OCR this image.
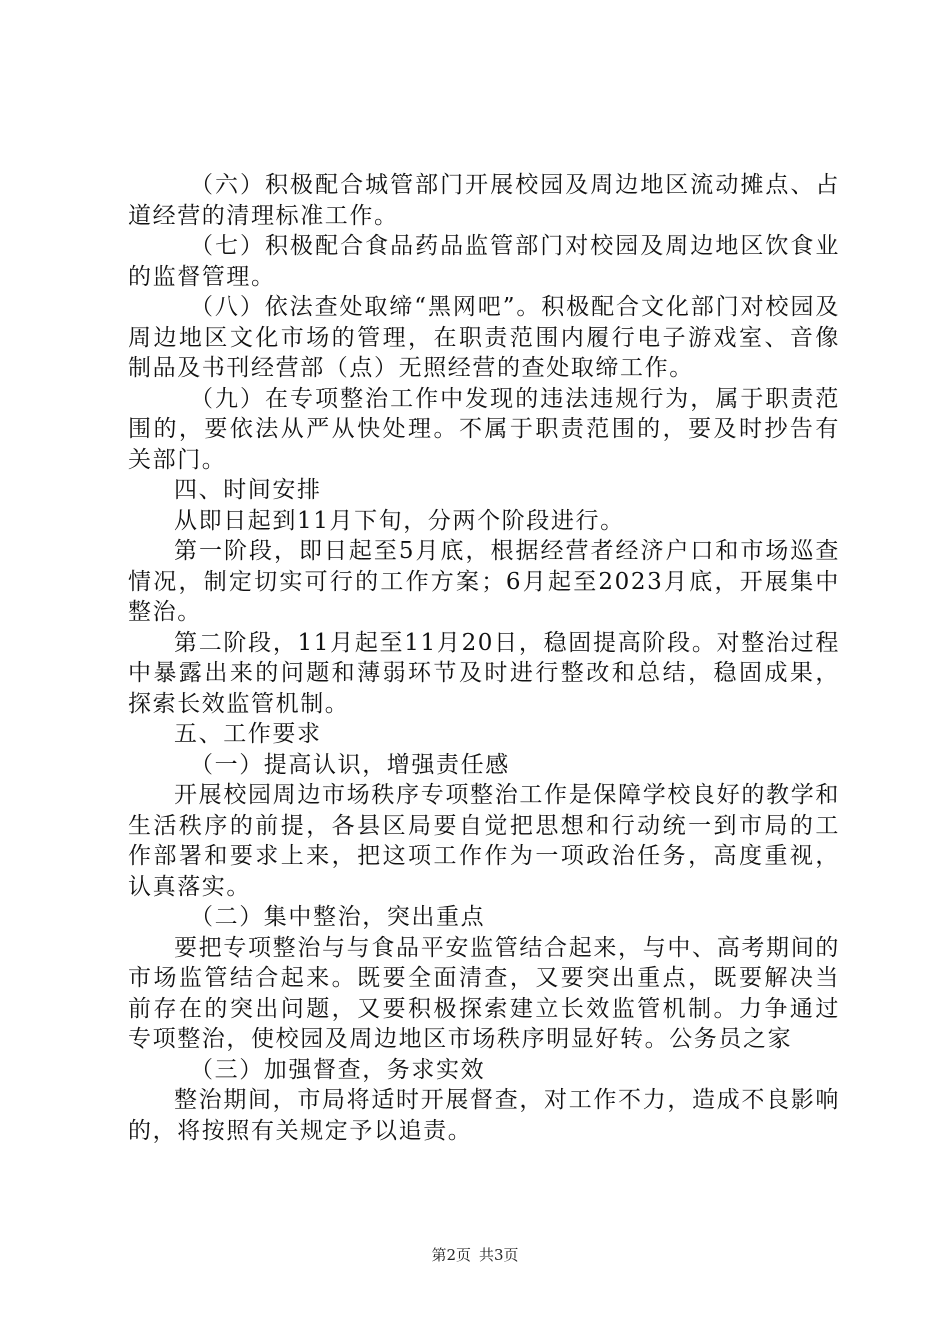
（六）积极配合城管部门开展校园及周边地区流动摊点、占道经营的清理标准工作。

（七）积极配合食品药品监管部门对校园及周边地区饮食业的监督管理。

（八）依法查处取缔“黑网吧”。积极配合文化部门对校园及周边地区文化市场的管理，在职责范围内履行电子游戏室、音像制品及书刊经营部（点）无照经营的查处取缔工作。

（九）在专项整治工作中发现的违法违规行为，属于职责范围的，要依法从严从快处理。不属于职责范围的，要及时抄告有关部门。

四、时间安排

从即日起到11月下旬，分两个阶段进行。

第一阶段，即日起至5月底，根据经营者经济户口和市场巡查情况，制定切实可行的工作方案；6月起至2023月底，开展集中整治。

第二阶段，11月起至11月20日，稳固提高阶段。对整治过程中暴露出来的问题和薄弱环节及时进行整改和总结，稳固成果，探索长效监管机制。

五、工作要求

（一）提高认识，增强责任感

开展校园周边市场秩序专项整治工作是保障学校良好的教学和生活秩序的前提，各县区局要自觉把思想和行动统一到市局的工作部署和要求上来，把这项工作作为一项政治任务，高度重视，认真落实。

（二）集中整治，突出重点

要把专项整治与与食品平安监管结合起来，与中、高考期间的市场监管结合起来。既要全面清查，又要突出重点，既要解决当前存在的突出问题，又要积极探索建立长效监管机制。力争通过专项整治，使校园及周边地区市场秩序明显好转。公务员之家

（三）加强督查，务求实效

整治期间，市局将适时开展督查，对工作不力，造成不良影响的，将按照有关规定予以追责。

第2页 共3页
